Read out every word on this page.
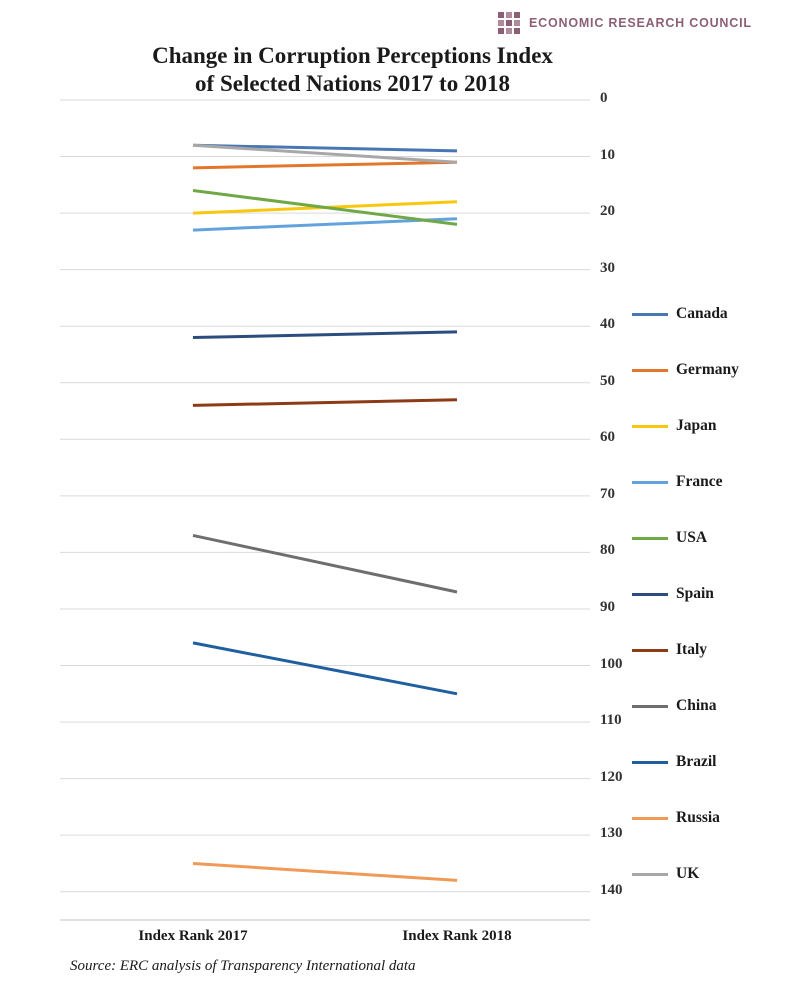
ECONOMIC RESEARCH COUNCIL
Change in Corruption Perceptions Index
of Selected Nations 2017 to 2018
0
10
20
30
40
50
60
70
80
90
100
110
120
130
140
Index Rank 2017	Index Rank 2018
Canada
Germany
Japan
France
USA
Spain
Italy
China
Brazil
Russia
UK
Source: ERC analysis of Transparency International data
